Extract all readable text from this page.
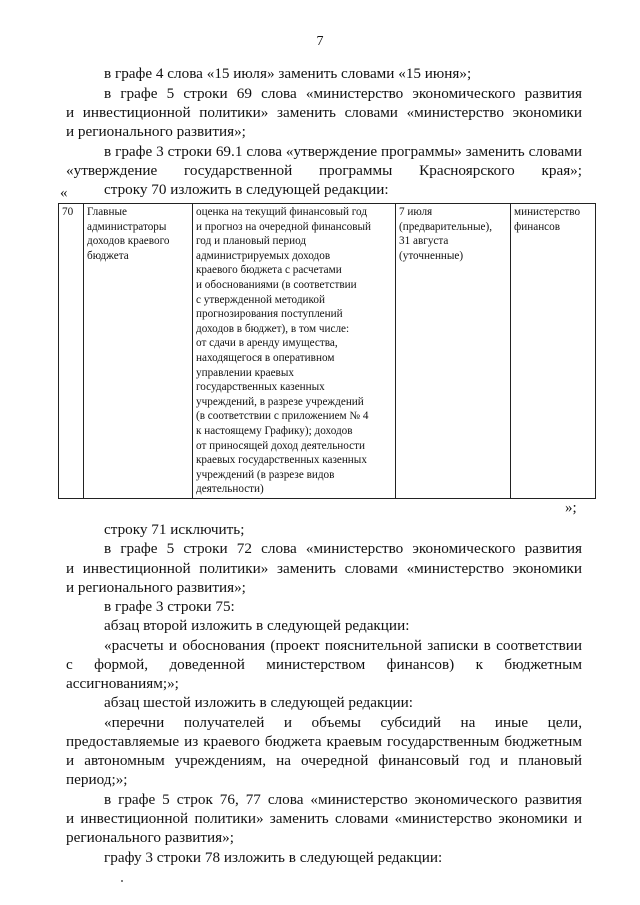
7
в графе 4 слова «15 июля» заменить словами «15 июня»;
в графе 5 строки 69 слова «министерство экономического развития
и инвестиционной политики» заменить словами «министерство экономики
и регионального развития»;
в графе 3 строки 69.1 слова «утверждение программы» заменить словами
«утверждение государственной программы Красноярского края»;
строку 70 изложить в следующей редакции:
«
70	Главные
администраторы
доходов краевого
бюджета	оценка на текущий финансовый год
и прогноз на очередной финансовый
год и плановый период
администрируемых доходов
краевого бюджета с расчетами
и обоснованиями (в соответствии
с утвержденной методикой
прогнозирования поступлений
доходов в бюджет), в том числе:
от сдачи в аренду имущества,
находящегося в оперативном
управлении краевых
государственных казенных
учреждений, в разрезе учреждений
(в соответствии с приложением № 4
к настоящему Графику); доходов
от приносящей доход деятельности
краевых государственных казенных
учреждений (в разрезе видов
деятельности)	7 июля
(предварительные),
31 августа
(уточненные)	министерство
финансов
»;
строку 71 исключить;
в графе 5 строки 72 слова «министерство экономического развития
и инвестиционной политики» заменить словами «министерство экономики
и регионального развития»;
в графе 3 строки 75:
абзац второй изложить в следующей редакции:
«расчеты и обоснования (проект пояснительной записки в соответствии
с формой, доведенной министерством финансов) к бюджетным
ассигнованиям;»;
абзац шестой изложить в следующей редакции:
«перечни получателей и объемы субсидий на иные цели,
предоставляемые из краевого бюджета краевым государственным бюджетным
и автономным учреждениям, на очередной финансовый год и плановый
период;»;
в графе 5 строк 76, 77 слова «министерство экономического развития
и инвестиционной политики» заменить словами «министерство экономики и
регионального развития»;
графу 3 строки 78 изложить в следующей редакции:
